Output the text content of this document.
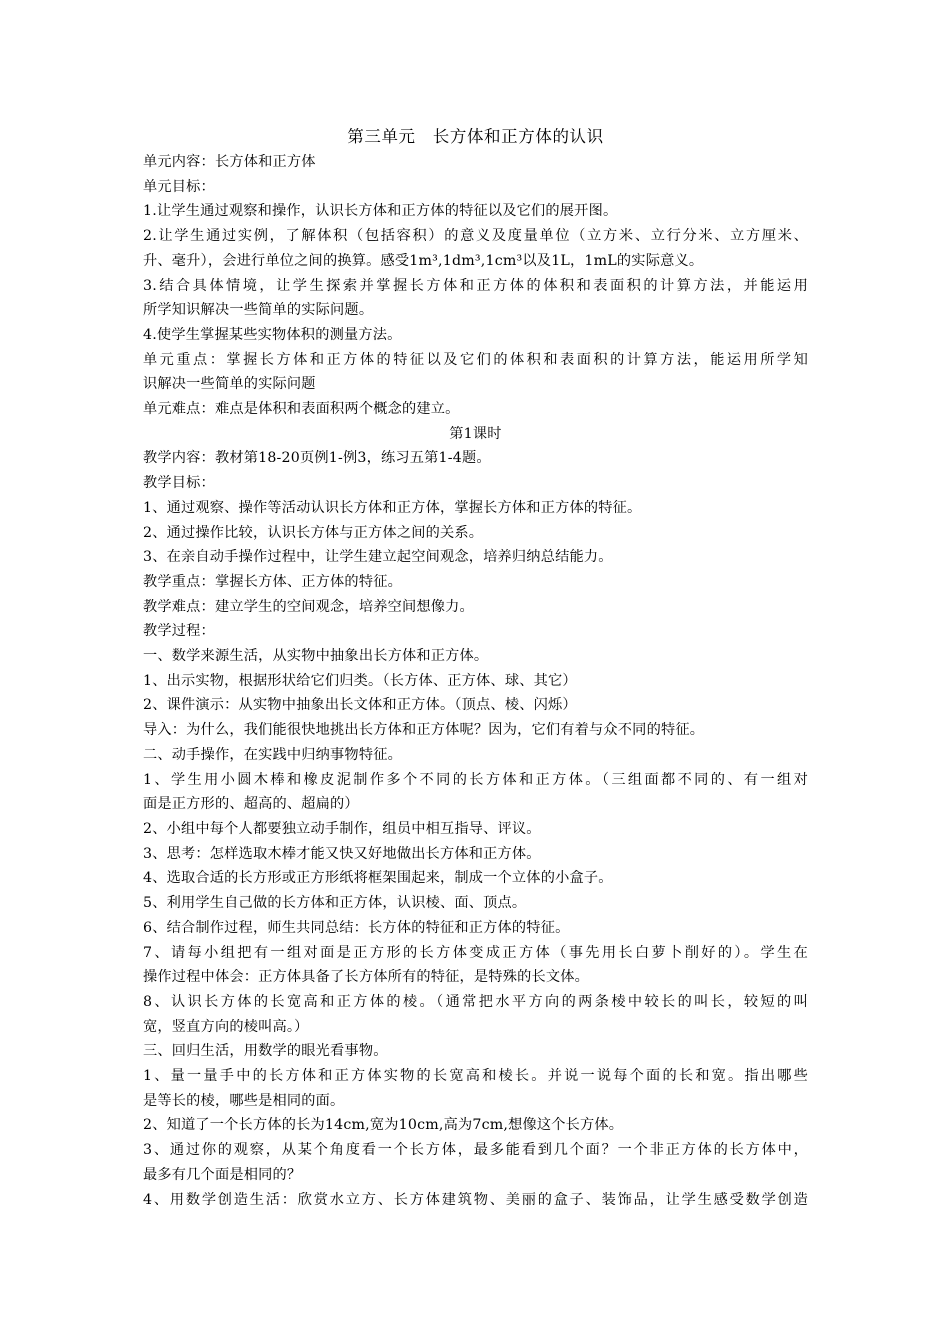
第三单元　长方体和正方体的认识
单元内容：长方体和正方体
单元目标：
1.让学生通过观察和操作，认识长方体和正方体的特征以及它们的展开图。
2.让学生通过实例，了解体积（包括容积）的意义及度量单位（立方米、立行分米、立方厘米、
升、毫升），会进行单位之间的换算。感受1m³,1dm³,1cm³以及1L，1mL的实际意义。
3.结合具体情境，让学生探索并掌握长方体和正方体的体积和表面积的计算方法，并能运用
所学知识解决一些简单的实际问题。
4.使学生掌握某些实物体积的测量方法。
单元重点：掌握长方体和正方体的特征以及它们的体积和表面积的计算方法，能运用所学知
识解决一些简单的实际问题
单元难点：难点是体积和表面积两个概念的建立。
第1课时
教学内容：教材第18-20页例1-例3，练习五第1-4题。
教学目标：
1、通过观察、操作等活动认识长方体和正方体，掌握长方体和正方体的特征。
2、通过操作比较，认识长方体与正方体之间的关系。
3、在亲自动手操作过程中，让学生建立起空间观念，培养归纳总结能力。
教学重点：掌握长方体、正方体的特征。
教学难点：建立学生的空间观念，培养空间想像力。
教学过程：
一、数学来源生活，从实物中抽象出长方体和正方体。
1、出示实物，根据形状给它们归类。（长方体、正方体、球、其它）
2、课件演示：从实物中抽象出长文体和正方体。（顶点、棱、闪烁）
导入：为什么，我们能很快地挑出长方体和正方体呢？因为，它们有着与众不同的特征。
二、动手操作，在实践中归纳事物特征。
1、学生用小圆木棒和橡皮泥制作多个不同的长方体和正方体。（三组面都不同的、有一组对
面是正方形的、超高的、超扁的）
2、小组中每个人都要独立动手制作，组员中相互指导、评议。
3、思考：怎样选取木棒才能又快又好地做出长方体和正方体。
4、选取合适的长方形或正方形纸将框架围起来，制成一个立体的小盒子。
5、利用学生自己做的长方体和正方体，认识棱、面、顶点。
6、结合制作过程，师生共同总结：长方体的特征和正方体的特征。
7、请每小组把有一组对面是正方形的长方体变成正方体（事先用长白萝卜削好的）。学生在
操作过程中体会：正方体具备了长方体所有的特征，是特殊的长文体。
8、认识长方体的长宽高和正方体的棱。（通常把水平方向的两条棱中较长的叫长，较短的叫
宽，竖直方向的棱叫高。）
三、回归生活，用数学的眼光看事物。
1、量一量手中的长方体和正方体实物的长宽高和棱长。并说一说每个面的长和宽。指出哪些
是等长的棱，哪些是相同的面。
2、知道了一个长方体的长为14cm,宽为10cm,高为7cm,想像这个长方体。
3、通过你的观察，从某个角度看一个长方体，最多能看到几个面？一个非正方体的长方体中，
最多有几个面是相同的？
4、用数学创造生活：欣赏水立方、长方体建筑物、美丽的盒子、装饰品，让学生感受数学创造
